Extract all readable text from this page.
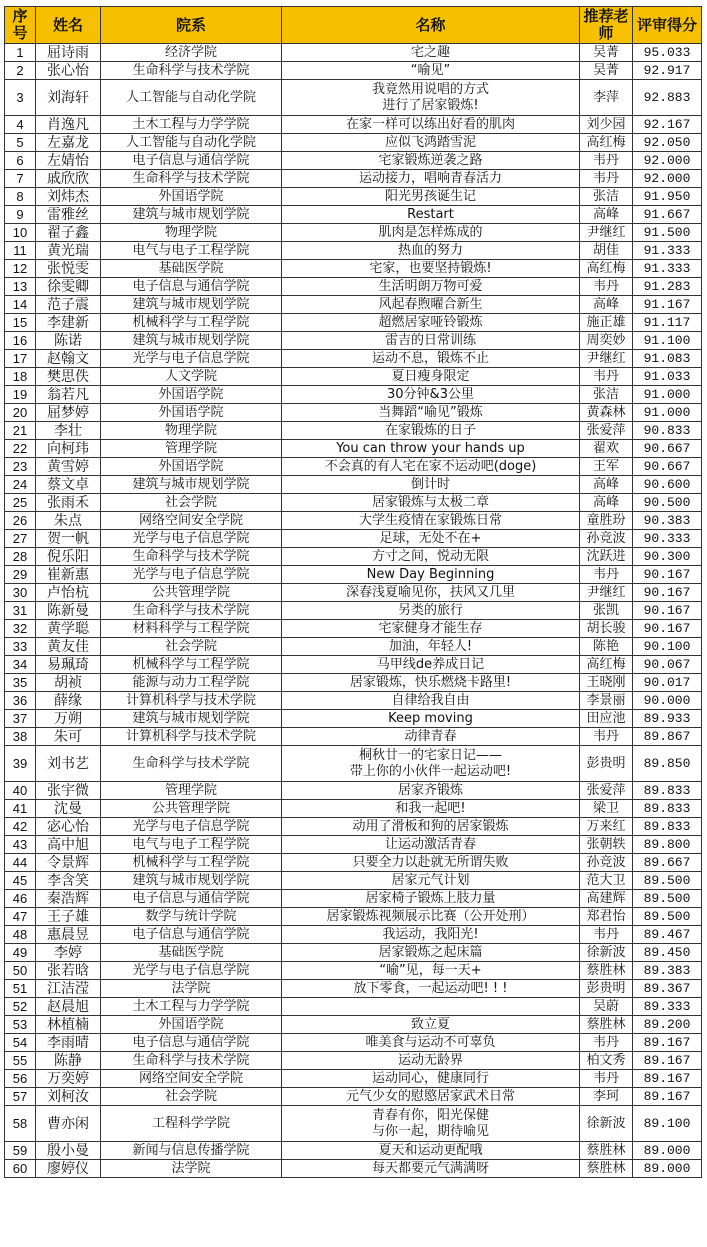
序号	姓名	院系	名称	推荐老师	评审得分
1	屈诗雨	经济学院	宅之趣	吴菁	95.033
2	张心怡	生命科学与技术学院	“喻见”	吴菁	92.917
3	刘海轩	人工智能与自动化学院	我竟然用说唱的方式
进行了居家锻炼!	李萍	92.883
4	肖逸凡	土木工程与力学学院	在家一样可以练出好看的肌肉	刘少园	92.167
5	左嘉龙	人工智能与自动化学院	应似飞鸿踏雪泥	高红梅	92.050
6	左婧怡	电子信息与通信学院	宅家锻炼逆袭之路	韦丹	92.000
7	戚欣欣	生命科学与技术学院	运动接力，唱响青春活力	韦丹	92.000
8	刘炜杰	外国语学院	阳光男孩诞生记	张洁	91.950
9	雷雅丝	建筑与城市规划学院	Restart	高峰	91.667
10	翟子鑫	物理学院	肌肉是怎样炼成的	尹继红	91.500
11	黄光瑞	电气与电子工程学院	热血的努力	胡佳	91.333
12	张悦雯	基础医学院	宅家，也要坚持锻炼!	高红梅	91.333
13	徐雯卿	电子信息与通信学院	生活明朗万物可爱	韦丹	91.283
14	范子震	建筑与城市规划学院	风起春煦曜合新生	高峰	91.167
15	李建新	机械科学与工程学院	超燃居家哑铃锻炼	施正雄	91.117
16	陈诺	建筑与城市规划学院	雷吉的日常训练	周奕妙	91.100
17	赵翰文	光学与电子信息学院	运动不息，锻炼不止	尹继红	91.083
18	樊思佚	人文学院	夏日瘦身限定	韦丹	91.033
19	翁若凡	外国语学院	30分钟&3公里	张洁	91.000
20	屈梦婷	外国语学院	当舞蹈“喻见”锻炼	黄森林	91.000
21	李壮	物理学院	在家锻炼的日子	张爱萍	90.833
22	向柯玮	管理学院	You can throw your hands up	翟欢	90.667
23	黄雪婷	外国语学院	不会真的有人宅在家不运动吧(doge)	王军	90.667
24	蔡文卓	建筑与城市规划学院	倒计时	高峰	90.600
25	张雨禾	社会学院	居家锻炼与太极二章	高峰	90.500
26	朱点	网络空间安全学院	大学生疫情在家锻炼日常	童胜玢	90.383
27	贺一帆	光学与电子信息学院	足球，无处不在+	孙竞波	90.333
28	倪乐阳	生命科学与技术学院	方寸之间，悦动无限	沈跃进	90.300
29	崔新惠	光学与电子信息学院	New Day Beginning	韦丹	90.167
30	卢怡杭	公共管理学院	深春浅夏喻见你，扶风又几里	尹继红	90.167
31	陈新曼	生命科学与技术学院	另类的旅行	张凯	90.167
32	黄学聪	材料科学与工程学院	宅家健身才能生存	胡长骏	90.167
33	黄友佳	社会学院	加油，年轻人!	陈艳	90.100
34	易珮琦	机械科学与工程学院	马甲线de养成日记	高红梅	90.067
35	胡祯	能源与动力工程学院	居家锻炼，快乐燃烧卡路里!	王晓刚	90.017
36	薛缘	计算机科学与技术学院	自律给我自由	李景丽	90.000
37	万朔	建筑与城市规划学院	Keep moving	田应池	89.933
38	朱可	计算机科学与技术学院	动律青春	韦丹	89.867
39	刘书艺	生命科学与技术学院	桐秋廿一的宅家日记——
带上你的小伙伴一起运动吧!	彭贵明	89.850
40	张宇微	管理学院	居家齐锻炼	张爱萍	89.833
41	沈曼	公共管理学院	和我一起吧!	梁卫	89.833
42	宓心怡	光学与电子信息学院	动用了滑板和狗的居家锻炼	万来红	89.833
43	高中旭	电气与电子工程学院	让运动激活青春	张朝轶	89.800
44	令景辉	机械科学与工程学院	只要全力以赴就无所谓失败	孙竞波	89.667
45	李含笑	建筑与城市规划学院	居家元气计划	范大卫	89.500
46	秦浩辉	电子信息与通信学院	居家椅子锻炼上肢力量	高建辉	89.500
47	王子雄	数学与统计学院	居家锻炼视频展示比赛（公开处刑）	郑君怡	89.500
48	惠晨昱	电子信息与通信学院	我运动，我阳光!	韦丹	89.467
49	李婷	基础医学院	居家锻炼之起床篇	徐新波	89.450
50	张若晗	光学与电子信息学院	“喻”见，每一天+	蔡胜林	89.383
51	江洁滢	法学院	放下零食，一起运动吧! ! !	彭贵明	89.367
52	赵晨旭	土木工程与力学学院		吴蔚	89.333
53	林植楠	外国语学院	致立夏	蔡胜林	89.200
54	李雨晴	电子信息与通信学院	唯美食与运动不可辜负	韦丹	89.167
55	陈静	生命科学与技术学院	运动无龄界	柏文秀	89.167
56	万奕婷	网络空间安全学院	运动同心，健康同行	韦丹	89.167
57	刘柯汝	社会学院	元气少女的慰愍居家武术日常	李珂	89.167
58	曹亦闲	工程科学学院	青春有你，阳光保健
与你一起，期待喻见	徐新波	89.100
59	殷小曼	新闻与信息传播学院	夏天和运动更配哦	蔡胜林	89.000
60	廖婷仪	法学院	每天都要元气满满呀	蔡胜林	89.000
